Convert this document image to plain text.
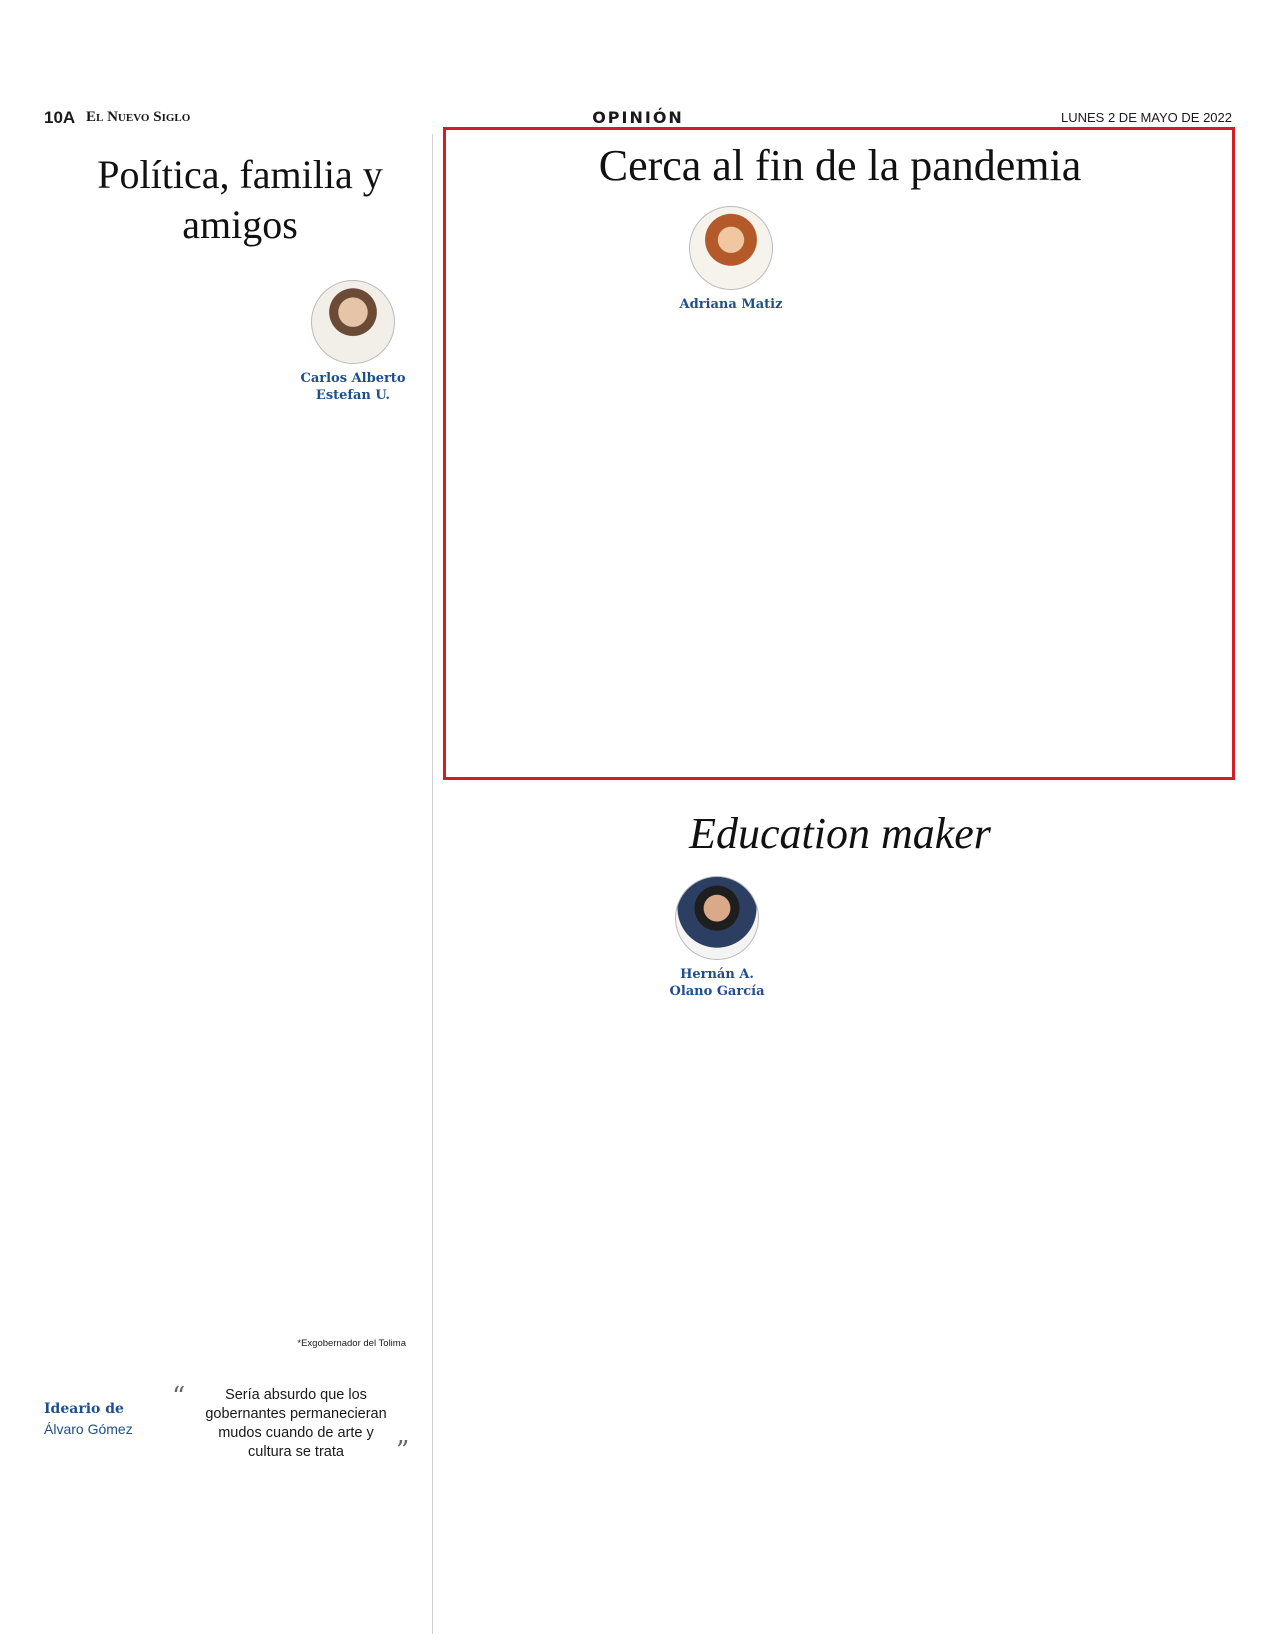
10A El Nuevo Siglo	OPINIÓN	LUNES 2 DE MAYO DE 2022
Política, familia y amigos
Carlos Alberto Estefan U.
*Exgobernador del Tolima
Cerca al fin de la pandemia
Adriana Matiz
Education maker
Hernán A. Olano García
Ideario de
Álvaro Gómez
“	Sería absurdo que los gobernantes permanecieran mudos cuando de arte y cultura se trata	”
